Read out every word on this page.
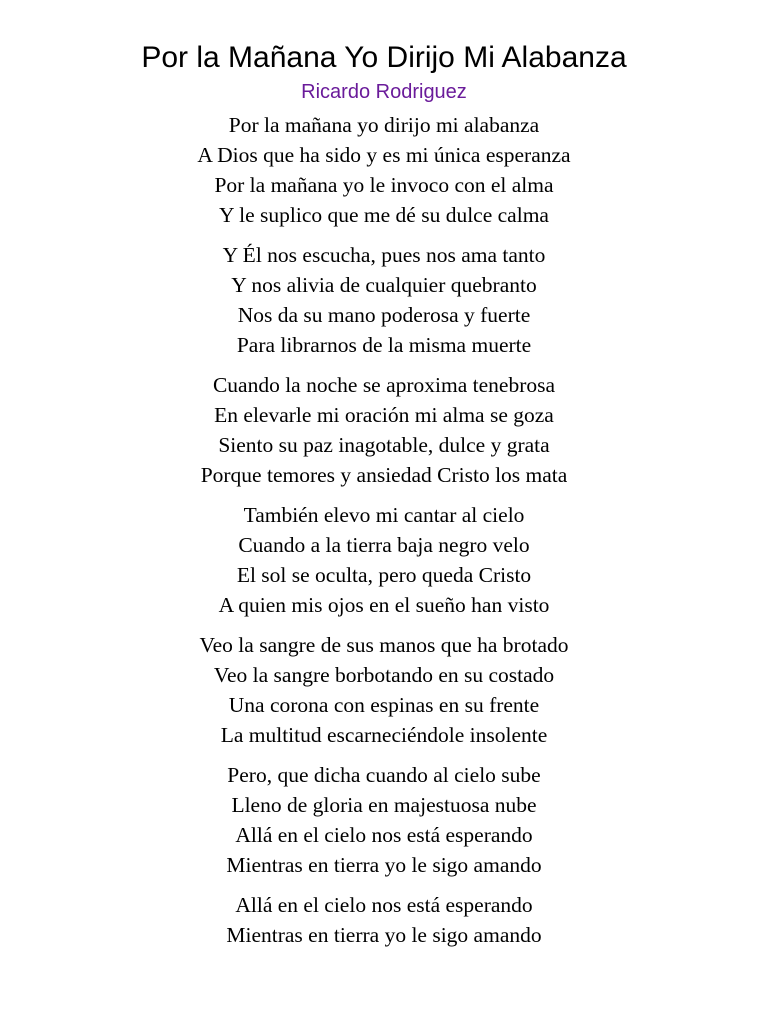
Por la Mañana Yo Dirijo Mi Alabanza
Ricardo Rodriguez
Por la mañana yo dirijo mi alabanza
A Dios que ha sido y es mi única esperanza
Por la mañana yo le invoco con el alma
Y le suplico que me dé su dulce calma
Y Él nos escucha, pues nos ama tanto
Y nos alivia de cualquier quebranto
Nos da su mano poderosa y fuerte
Para librarnos de la misma muerte
Cuando la noche se aproxima tenebrosa
En elevarle mi oración mi alma se goza
Siento su paz inagotable, dulce y grata
Porque temores y ansiedad Cristo los mata
También elevo mi cantar al cielo
Cuando a la tierra baja negro velo
El sol se oculta, pero queda Cristo
A quien mis ojos en el sueño han visto
Veo la sangre de sus manos que ha brotado
Veo la sangre borbotando en su costado
Una corona con espinas en su frente
La multitud escarneciéndole insolente
Pero, que dicha cuando al cielo sube
Lleno de gloria en majestuosa nube
Allá en el cielo nos está esperando
Mientras en tierra yo le sigo amando
Allá en el cielo nos está esperando
Mientras en tierra yo le sigo amando
